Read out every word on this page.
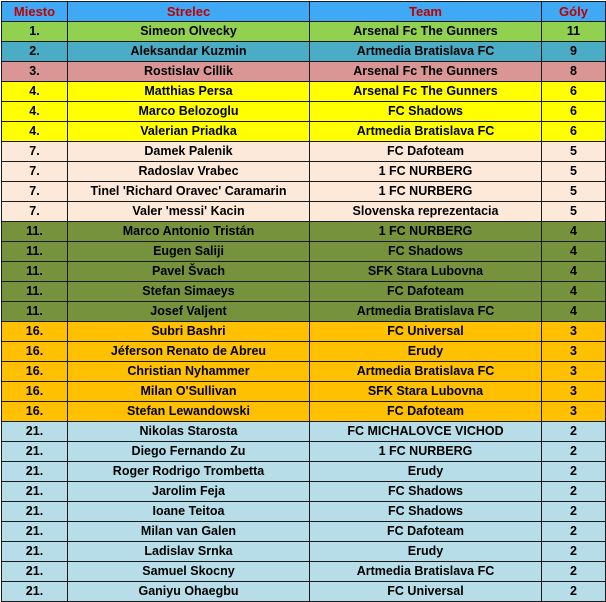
Miesto	Strelec	Team	Góly
1.	Simeon Olvecky	Arsenal Fc The Gunners	11
2.	Aleksandar Kuzmin	Artmedia Bratislava FC	9
3.	Rostislav Cillik	Arsenal Fc The Gunners	8
4.	Matthias Persa	Arsenal Fc The Gunners	6
4.	Marco Belozoglu	FC Shadows	6
4.	Valerian Priadka	Artmedia Bratislava FC	6
7.	Damek Palenik	FC Dafoteam	5
7.	Radoslav Vrabec	1 FC NURBERG	5
7.	Tinel 'Richard Oravec' Caramarin	1 FC NURBERG	5
7.	Valer 'messi' Kacin	Slovenska reprezentacia	5
11.	Marco Antonio Tristán	1 FC NURBERG	4
11.	Eugen Saliji	FC Shadows	4
11.	Pavel Švach	SFK Stara Lubovna	4
11.	Stefan Simaeys	FC Dafoteam	4
11.	Josef Valjent	Artmedia Bratislava FC	4
16.	Subri Bashri	FC Universal	3
16.	Jéferson Renato de Abreu	Erudy	3
16.	Christian Nyhammer	Artmedia Bratislava FC	3
16.	Milan O'Sullivan	SFK Stara Lubovna	3
16.	Stefan Lewandowski	FC Dafoteam	3
21.	Nikolas Starosta	FC MICHALOVCE VICHOD	2
21.	Diego Fernando Zu	1 FC NURBERG	2
21.	Roger Rodrigo Trombetta	Erudy	2
21.	Jarolim Feja	FC Shadows	2
21.	Ioane Teitoa	FC Shadows	2
21.	Milan van Galen	FC Dafoteam	2
21.	Ladislav Srnka	Erudy	2
21.	Samuel Skocny	Artmedia Bratislava FC	2
21.	Ganiyu Ohaegbu	FC Universal	2
